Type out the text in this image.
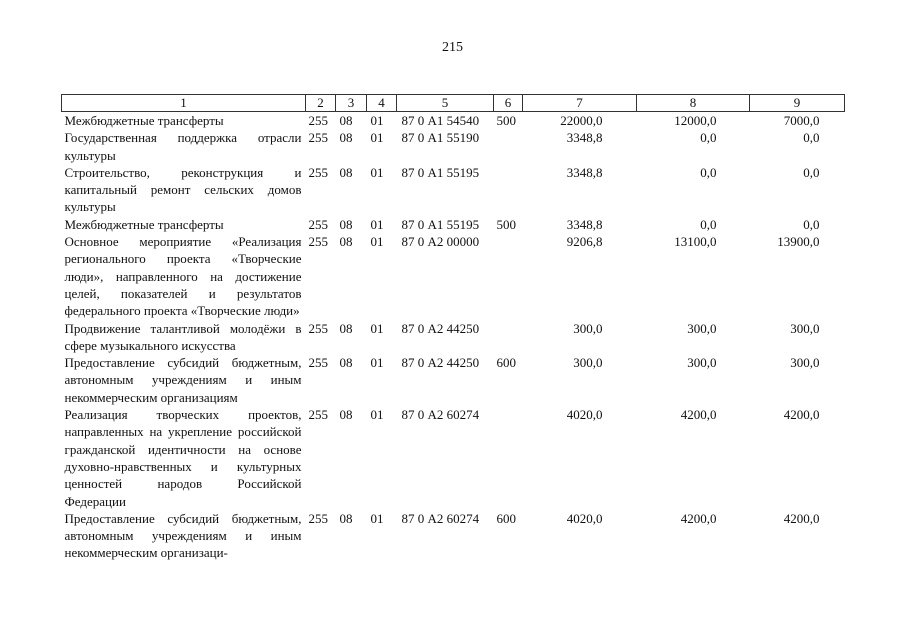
215
1	2	3	4	5	6	7	8	9
Межбюджетные трансферты	255	08	01	87 0 А1 54540	500	22000,0	12000,0	7000,0
Государственная поддержка отрасли культуры	255	08	01	87 0 А1 55190		3348,8	0,0	0,0
Строительство, реконструкция и капитальный ремонт сельских домов культуры	255	08	01	87 0 А1 55195		3348,8	0,0	0,0
Межбюджетные трансферты	255	08	01	87 0 А1 55195	500	3348,8	0,0	0,0
Основное мероприятие «Реализация регионального проекта «Творческие люди», направленного на достижение целей, показателей и результатов федерального проекта «Творческие люди»	255	08	01	87 0 А2 00000		9206,8	13100,0	13900,0
Продвижение талантливой молодёжи в сфере музыкального искусства	255	08	01	87 0 А2 44250		300,0	300,0	300,0
Предоставление субсидий бюджетным, автономным учреждениям и иным некоммерческим организациям	255	08	01	87 0 А2 44250	600	300,0	300,0	300,0
Реализация творческих проектов, направленных на укрепление российской гражданской идентичности на основе духовно-нравственных и культурных ценностей народов Российской Федерации	255	08	01	87 0 А2 60274		4020,0	4200,0	4200,0
Предоставление субсидий бюджетным, автономным учреждениям и иным некоммерческим организаци-	255	08	01	87 0 А2 60274	600	4020,0	4200,0	4200,0
